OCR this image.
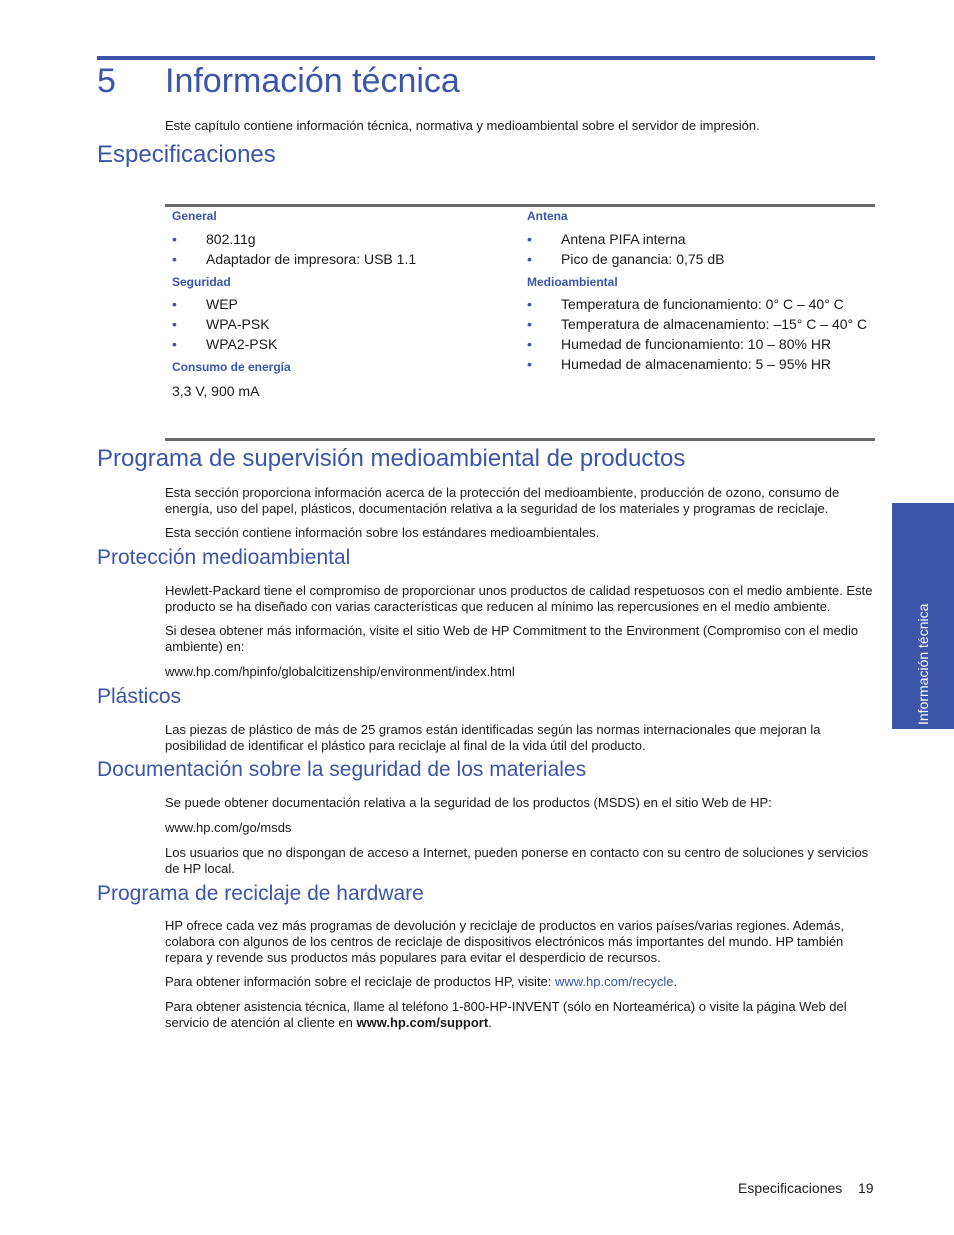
5 Información técnica
Este capítulo contiene información técnica, normativa y medioambiental sobre el servidor de impresión.
Especificaciones
General
• 802.11g
• Adaptador de impresora: USB 1.1
Seguridad
• WEP
• WPA-PSK
• WPA2-PSK
Consumo de energía
3,3 V, 900 mA
Antena
• Antena PIFA interna
• Pico de ganancia: 0,75 dB
Medioambiental
• Temperatura de funcionamiento: 0° C – 40° C
• Temperatura de almacenamiento: –15° C – 40° C
• Humedad de funcionamiento: 10 – 80% HR
• Humedad de almacenamiento: 5 – 95% HR
Programa de supervisión medioambiental de productos

Esta sección proporciona información acerca de la protección del medioambiente, producción de ozono, consumo de energía, uso del papel, plásticos, documentación relativa a la seguridad de los materiales y programas de reciclaje.

Esta sección contiene información sobre los estándares medioambientales.

Protección medioambiental

Hewlett-Packard tiene el compromiso de proporcionar unos productos de calidad respetuosos con el medio ambiente. Este producto se ha diseñado con varias características que reducen al mínimo las repercusiones en el medio ambiente.

Si desea obtener más información, visite el sitio Web de HP Commitment to the Environment (Compromiso con el medio ambiente) en:

www.hp.com/hpinfo/globalcitizenship/environment/index.html

Plásticos

Las piezas de plástico de más de 25 gramos están identificadas según las normas internacionales que mejoran la posibilidad de identificar el plástico para reciclaje al final de la vida útil del producto.

Documentación sobre la seguridad de los materiales

Se puede obtener documentación relativa a la seguridad de los productos (MSDS) en el sitio Web de HP:

www.hp.com/go/msds

Los usuarios que no dispongan de acceso a Internet, pueden ponerse en contacto con su centro de soluciones y servicios de HP local.

Programa de reciclaje de hardware

HP ofrece cada vez más programas de devolución y reciclaje de productos en varios países/varias regiones. Además, colabora con algunos de los centros de reciclaje de dispositivos electrónicos más importantes del mundo. HP también repara y revende sus productos más populares para evitar el desperdicio de recursos.

Para obtener información sobre el reciclaje de productos HP, visite: www.hp.com/recycle.

Para obtener asistencia técnica, llame al teléfono 1-800-HP-INVENT (sólo en Norteamérica) o visite la página Web del servicio de atención al cliente en www.hp.com/support.

Información técnica
Especificaciones 19
